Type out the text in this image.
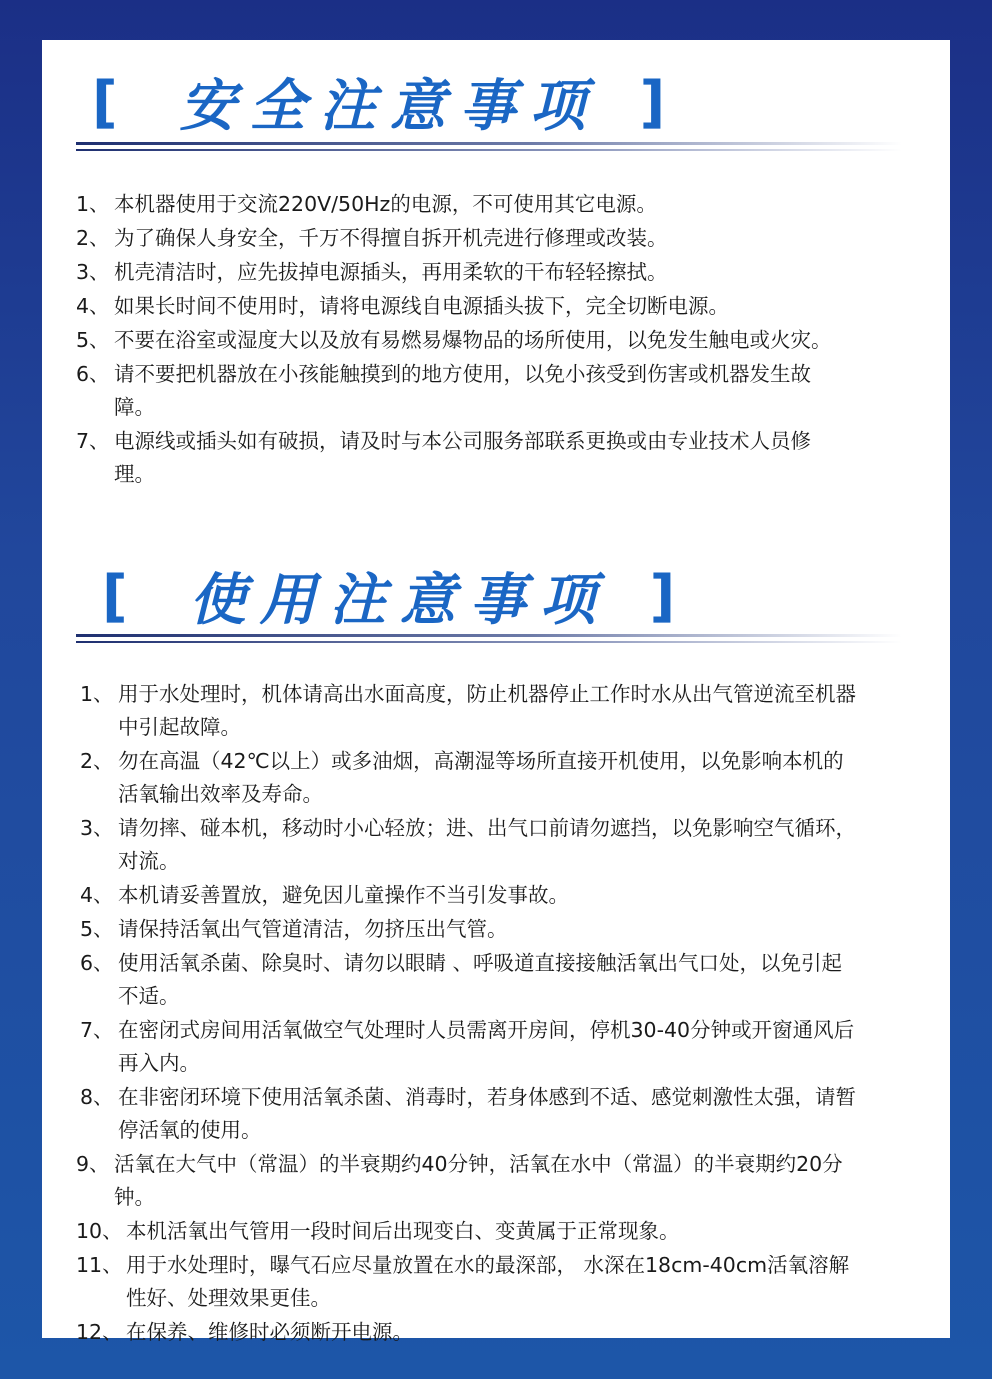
[ 安全注意事项 ]
1、 本机器使用于交流220V/50Hz的电源，不可使用其它电源。
2、 为了确保人身安全，千万不得擅自拆开机壳进行修理或改装。
3、 机壳清洁时，应先拔掉电源插头，再用柔软的干布轻轻擦拭。
4、 如果长时间不使用时，请将电源线自电源插头拔下，完全切断电源。
5、 不要在浴室或湿度大以及放有易燃易爆物品的场所使用，以免发生触电或火灾。
6、 请不要把机器放在小孩能触摸到的地方使用，以免小孩受到伤害或机器发生故障。
7、 电源线或插头如有破损，请及时与本公司服务部联系更换或由专业技术人员修理。
[ 使用注意事项 ]
1、 用于水处理时，机体请高出水面高度，防止机器停止工作时水从出气管逆流至机器中引起故障。
2、 勿在高温（42℃以上）或多油烟，高潮湿等场所直接开机使用，以免影响本机的活氧输出效率及寿命。
3、 请勿摔、碰本机，移动时小心轻放；进、出气口前请勿遮挡，以免影响空气循环，对流。
4、 本机请妥善置放，避免因儿童操作不当引发事故。
5、 请保持活氧出气管道清洁，勿挤压出气管。
6、 使用活氧杀菌、除臭时、请勿以眼睛 、呼吸道直接接触活氧出气口处，以免引起不适。
7、 在密闭式房间用活氧做空气处理时人员需离开房间，停机30-40分钟或开窗通风后再入内。
8、 在非密闭环境下使用活氧杀菌、消毒时，若身体感到不适、感觉刺激性太强，请暂停活氧的使用。
9、 活氧在大气中（常温）的半衰期约40分钟，活氧在水中（常温）的半衰期约20分钟。
10、 本机活氧出气管用一段时间后出现变白、变黄属于正常现象。
11、 用于水处理时，曝气石应尽量放置在水的最深部， 水深在18cm-40cm活氧溶解性好、处理效果更佳。
12、 在保养、维修时必须断开电源。
